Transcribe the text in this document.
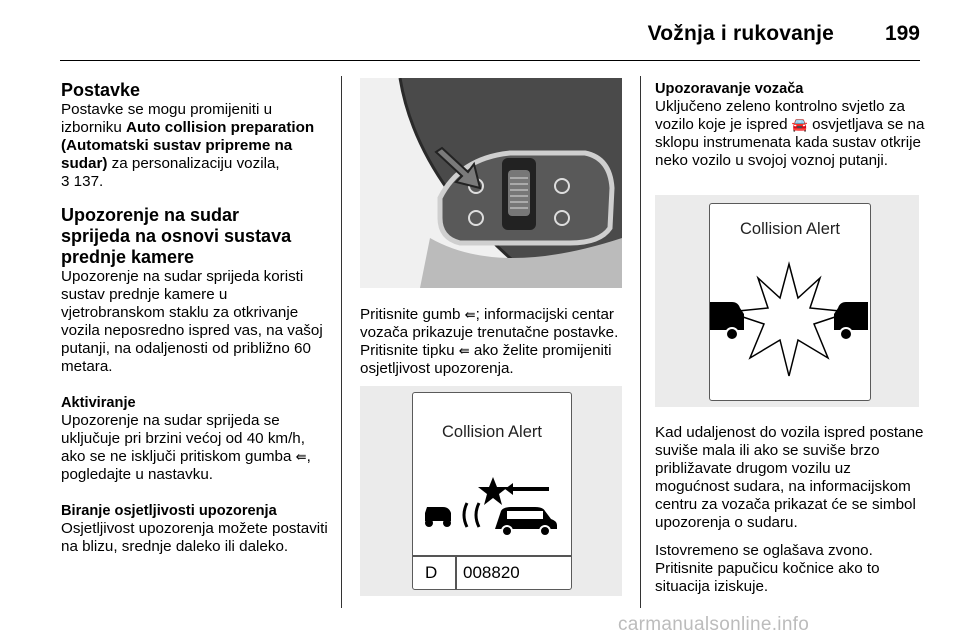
Vožnja i rukovanje 199
Postavke

Postavke se mogu promijeniti u izborniku Auto collision preparation (Automatski sustav pripreme na sudar) za personalizaciju vozila,
3 137.

Upozorenje na sudar sprijeda na osnovi sustava prednje kamere

Upozorenje na sudar sprijeda koristi sustav prednje kamere u vjetrobranskom staklu za otkrivanje vozila neposredno ispred vas, na vašoj putanji, na odaljenosti od približno 60 metara.

Aktiviranje

Upozorenje na sudar sprijeda se uključuje pri brzini većoj od 40 km/h, ako se ne isključi pritiskom gumba ⇚, pogledajte u nastavku.

Biranje osjetljivosti upozorenja

Osjetljivost upozorenja možete postaviti na blizu, srednje daleko ili daleko.

Pritisnite gumb ⇚; informacijski centar vozača prikazuje trenutačne postavke. Pritisnite tipku ⇚ ako želite promijeniti osjetljivost upozorenja.

Collision Alert
D 008820
Upozoravanje vozača

Uključeno zeleno kontrolno svjetlo za vozilo koje je ispred 🚘 osvjetljava se na sklopu instrumenata kada sustav otkrije neko vozilo u svojoj voznoj putanji.

Collision Alert

Kad udaljenost do vozila ispred postane suviše mala ili ako se suviše brzo približavate drugom vozilu uz mogućnost sudara, na informacijskom centru za vozača prikazat će se simbol upozorenja o sudaru.

Istovremeno se oglašava zvono. Pritisnite papučicu kočnice ako to situacija iziskuje.

carmanualsonline.info
